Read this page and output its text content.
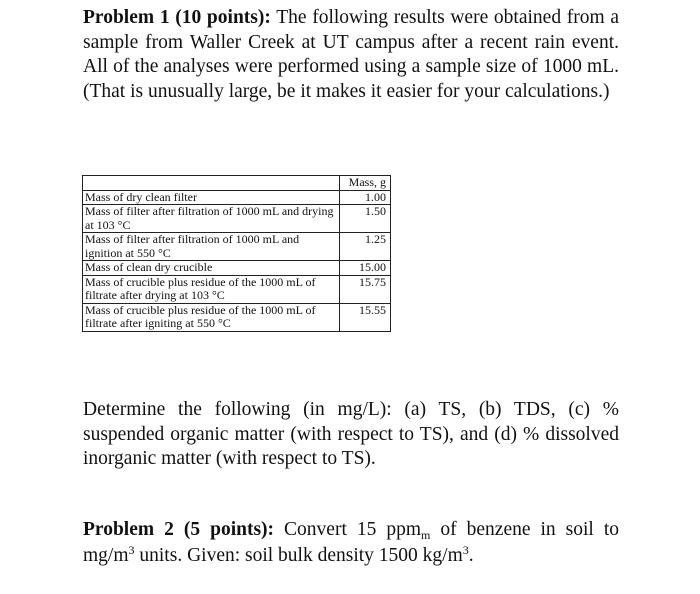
Problem 1 (10 points): The following results were obtained from a sample from Waller Creek at UT campus after a recent rain event. All of the analyses were performed using a sample size of 1000 mL. (That is unusually large, be it makes it easier for your calculations.)

	Mass, g
Mass of dry clean filter	1.00
Mass of filter after filtration of 1000 mL and drying at 103 °C	1.50
Mass of filter after filtration of 1000 mL and ignition at 550 °C	1.25
Mass of clean dry crucible	15.00
Mass of crucible plus residue of the 1000 mL of filtrate after drying at 103 °C	15.75
Mass of crucible plus residue of the 1000 mL of filtrate after igniting at 550 °C	15.55

Determine the following (in mg/L): (a) TS, (b) TDS, (c) % suspended organic matter (with respect to TS), and (d) % dissolved inorganic matter (with respect to TS).

Problem 2 (5 points): Convert 15 ppm$_m$ of benzene in soil to $mg/m^3$ units. Given: soil bulk density 1500 $kg/m^3$.
